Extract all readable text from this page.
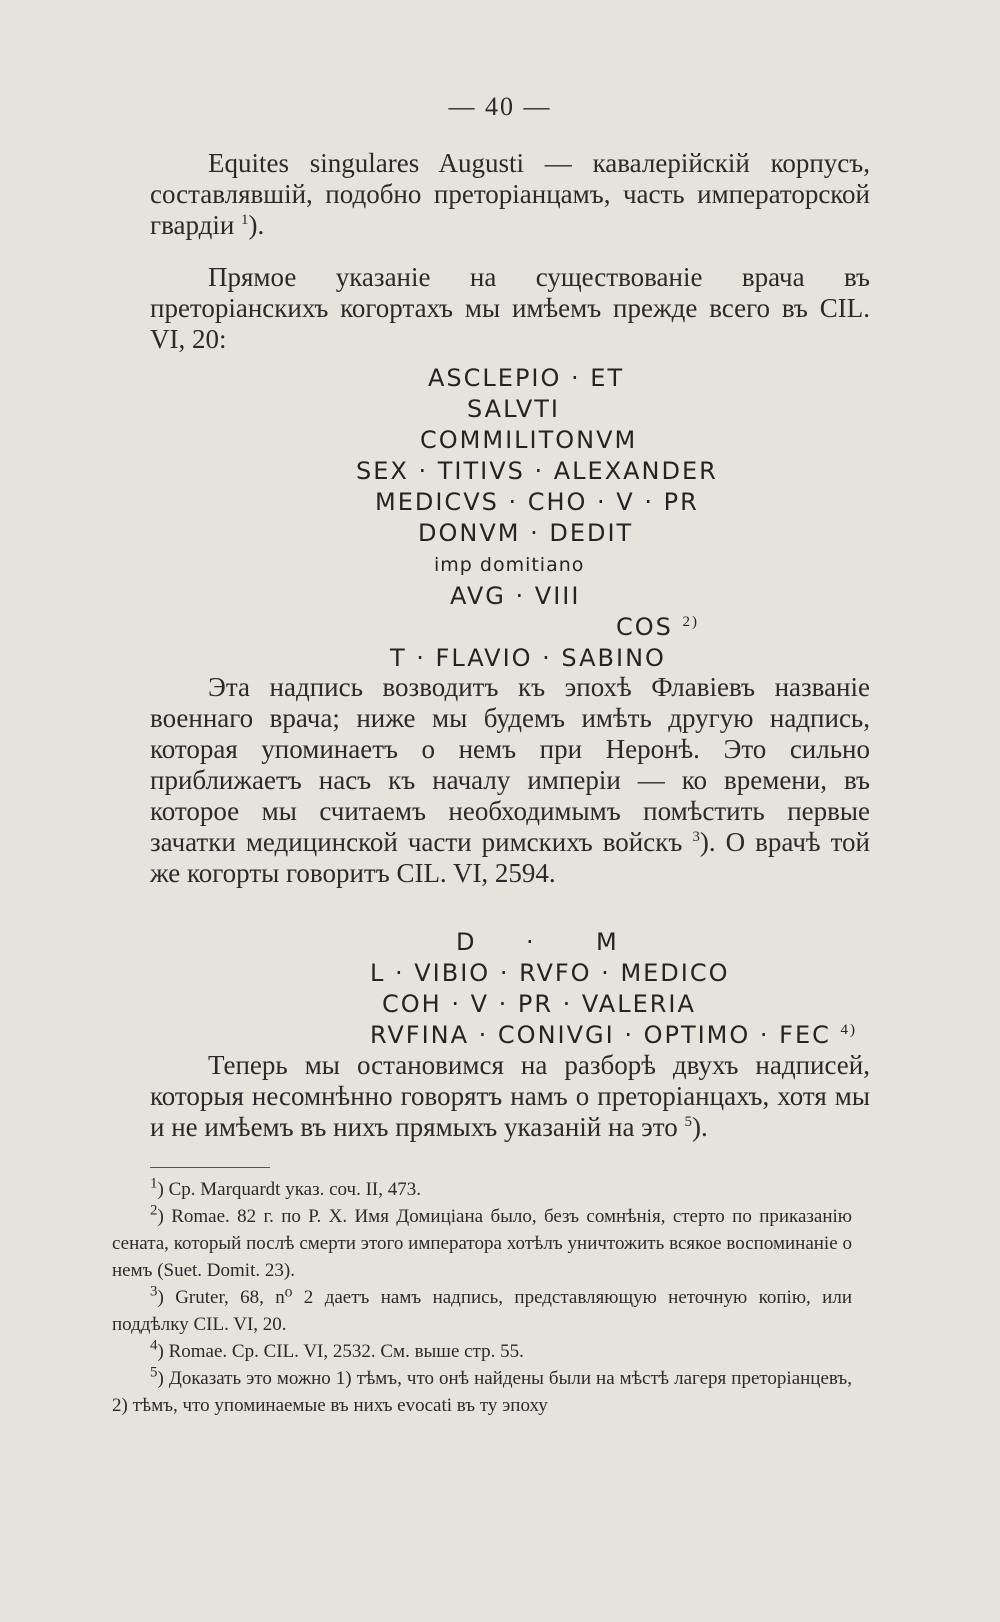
— 40 —

Equites singulares Augusti — кавалерійскій корпусъ, составлявшій, подобно преторіанцамъ, часть императорской гвардіи $^1$).

Прямое указаніе на существованіе врача въ преторіанскихъ когортахъ мы имѣемъ прежде всего въ CIL. VI, 20:

ASCLEPIO · ET
SALVTI
COMMILITONVM
SEX · TITIVS · ALEXANDER
MEDICVS · CHO · V · PR
DONVM · DEDIT
imp domitiano
AVG · VIII
COS $^{2)}$
T · FLAVIO · SABINO

Эта надпись возводитъ къ эпохѣ Флавіевъ названіе военнаго врача; ниже мы будемъ имѣть другую надпись, которая упоминаетъ о немъ при Неронѣ. Это сильно приближаетъ насъ къ началу имперіи — ко времени, въ которое мы считаемъ необходимымъ помѣстить первые зачатки медицинской части римскихъ войскъ $^3$). О врачѣ той же когорты говоритъ CIL. VI, 2594.

D ·	M
L · VIBIO · RVFO · MEDICO
COH · V · PR · VALERIA
RVFINA · CONIVGI · OPTIMO · FEC $^{4)}$

Теперь мы остановимся на разборѣ двухъ надписей, которыя несомнѣнно говорятъ намъ о преторіанцахъ, хотя мы и не имѣемъ въ нихъ прямыхъ указаній на это $^5$).

$^1$) Ср. Marquardt указ. соч. II, 473.

$^2$) Romae. 82 г. по Р. Х. Имя Домиціана было, безъ сомнѣнія, стерто по приказанію сената, который послѣ смерти этого императора хотѣлъ уничтожить всякое воспоминаніе о немъ (Suet. Domit. 23).

$^3$) Gruter, 68, n⁰ 2 даетъ намъ надпись, представляющую неточную копію, или поддѣлку CIL. VI, 20.

$^4$) Romae. Ср. CIL. VI, 2532. См. выше стр. 55.

$^5$) Доказать это можно 1) тѣмъ, что онѣ найдены были на мѣстѣ лагеря преторіанцевъ, 2) тѣмъ, что упоминаемые въ нихъ evocati въ ту эпоху
